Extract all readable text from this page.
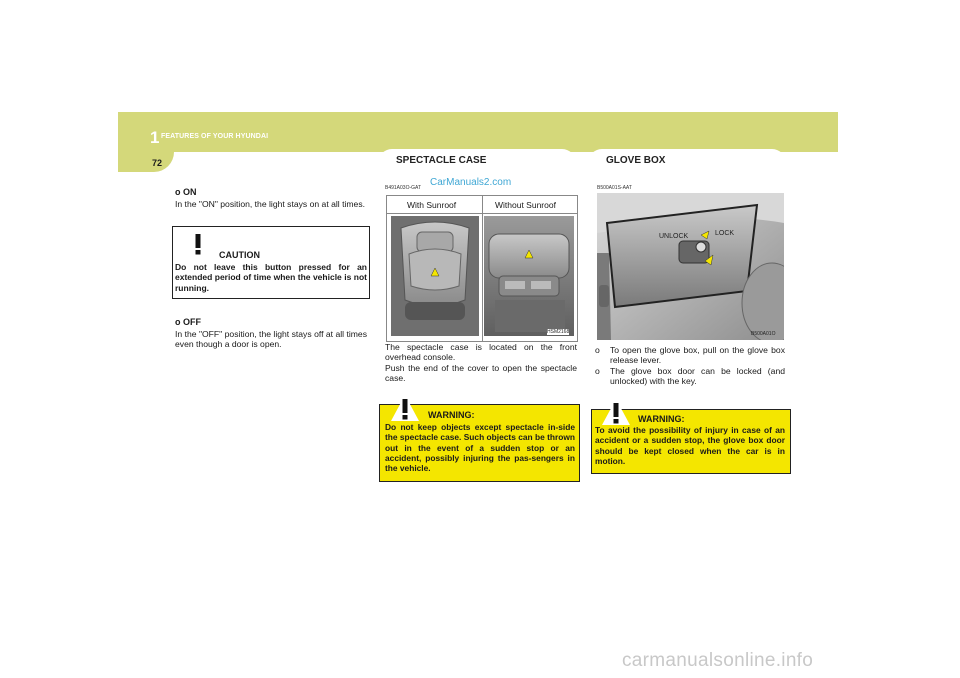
1 FEATURES OF YOUR HYUNDAI
72	SPECTACLE CASE	GLOVE BOX
o ON
In the "ON" position, the light stays on at all times.
CAUTION
Do not leave this button pressed for an extended period of time when the vehicle is not running.
o OFF
In the "OFF" position, the light stays off at all times even though a door is open.
B491A03O-GAT CarManuals2.com
With Sunroof	Without Sunroof
HSM2168
The spectacle case is located on the front overhead console.
Push the end of the cover to open the spectacle case.
WARNING:
Do not keep objects except spectacle in-side the spectacle case. Such objects can be thrown out in the event of a sudden stop or an accident, possibly injuring the pas-sengers in the vehicle.
B500A01S-AAT
UNLOCK	LOCK
B500A01O
o To open the glove box, pull on the glove box release lever.
o The glove box door can be locked (and unlocked) with the key.
WARNING:
To avoid the possibility of injury in case of an accident or a sudden stop, the glove box door should be kept closed when the car is in motion.
carmanualsonline.info
